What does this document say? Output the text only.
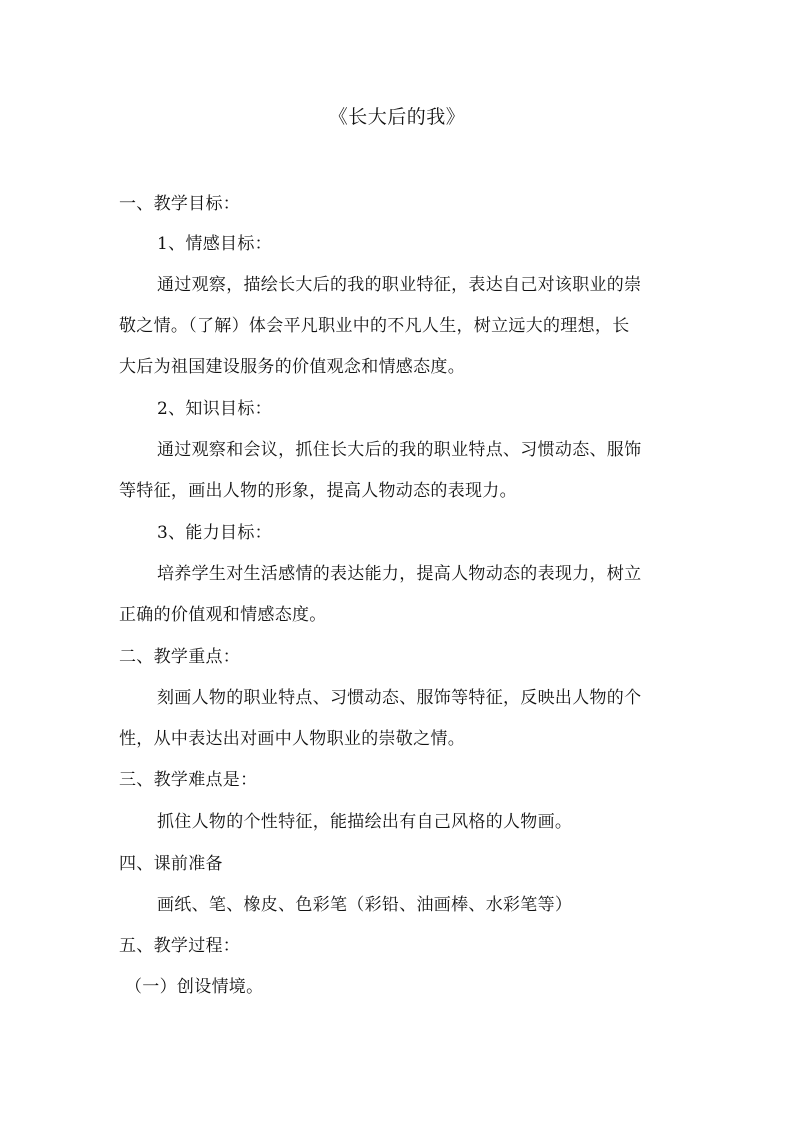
《长大后的我》
一、教学目标：
1、情感目标：
通过观察，描绘长大后的我的职业特征，表达自己对该职业的崇
敬之情。（了解）体会平凡职业中的不凡人生，树立远大的理想，长
大后为祖国建设服务的价值观念和情感态度。
2、知识目标：
通过观察和会议，抓住长大后的我的职业特点、习惯动态、服饰
等特征，画出人物的形象，提高人物动态的表现力。
3、能力目标：
培养学生对生活感情的表达能力，提高人物动态的表现力，树立
正确的价值观和情感态度。
二、教学重点：
刻画人物的职业特点、习惯动态、服饰等特征，反映出人物的个
性，从中表达出对画中人物职业的崇敬之情。
三、教学难点是：
抓住人物的个性特征，能描绘出有自己风格的人物画。
四、课前准备
画纸、笔、橡皮、色彩笔（彩铅、油画棒、水彩笔等）
五、教学过程：
（一）创设情境。
